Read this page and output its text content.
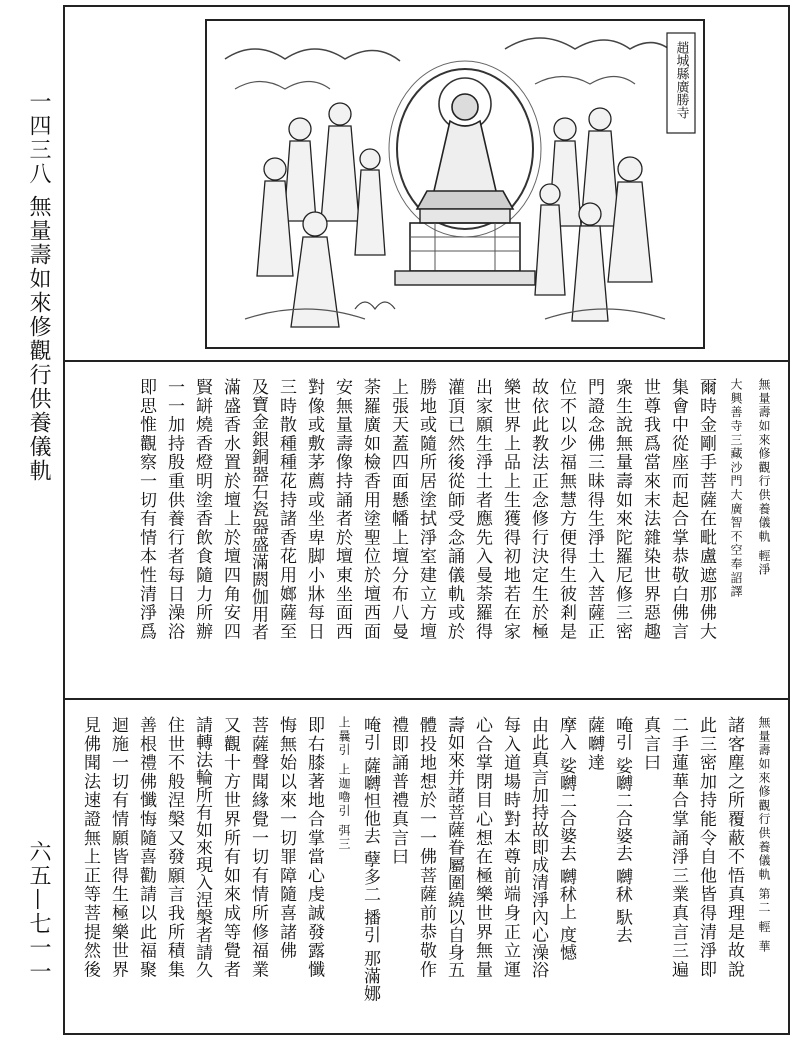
一四三八 無量壽如來修觀行供養儀軌
六五—七一一
趙城縣廣勝寺
無量壽如來修觀行供養儀軌 輕淨
大興善寺三藏沙門大廣智不空奉詔譯
爾時金剛手菩薩在毗盧遮那佛大
集會中從座而起合掌恭敬白佛言
世尊我爲當來末法雜染世界惡趣
衆生說無量壽如來陀羅尼修三密
門證念佛三昧得生淨土入菩薩正
位不以少福無慧方便得生彼剎是
故依此教法正念修行決定生於極
樂世界上品上生獲得初地若在家
出家願生淨土者應先入曼荼羅得
灌頂已然後從師受念誦儀軌或於
勝地或隨所居塗拭淨室建立方壇
上張天蓋四面懸幡上壇分布八曼
荼羅廣如檢香用塗聖位於壇西面
安無量壽像持誦者於壇東坐面西
對像或敷茅薦或坐卑脚小牀每日
三時散種種花持諸香花用嫏薩至
及寶金銀銅器石瓷器盛滿閼伽用者
滿盛香水置於壇上於壇四角安四
賢缾燒香燈明塗香飲食隨力所辦
一一加持殷重供養行者每日澡浴
即思惟觀察一切有情本性清淨爲
無量壽如來修觀行供養儀軌 第二 輕 華
諸客塵之所覆蔽不悟真理是故說
此三密加持能令自他皆得清淨即
二手蓮華合掌誦淨三業真言三遍
真言曰
唵引 娑嚩二合婆去 嚩秫 馱去
薩嚩達
摩入 娑嚩二合婆去 嚩秫上 度憾
由此真言加持故即成清淨內心澡浴
每入道場時對本尊前端身正立運
心合掌閉目心想在極樂世界無量
壽如來并諸菩薩眷屬圍繞以自身五
體投地想於一一佛菩薩前恭敬作
禮即誦普禮真言曰
唵引 薩嚩怛他去 孽多二 播引 那滿娜
上曩引 上迦嚕引 弭三
即右膝著地合掌當心虔誠發露懺
悔無始以來一切罪障隨喜諸佛
菩薩聲聞緣覺一切有情所修福業
又觀十方世界所有如來成等覺者
請轉法輪所有如來現入涅槃者請久
住世不般涅槃又發願言我所積集
善根禮佛懺悔隨喜勸請以此福聚
迴施一切有情願皆得生極樂世界
見佛聞法速證無上正等菩提然後
